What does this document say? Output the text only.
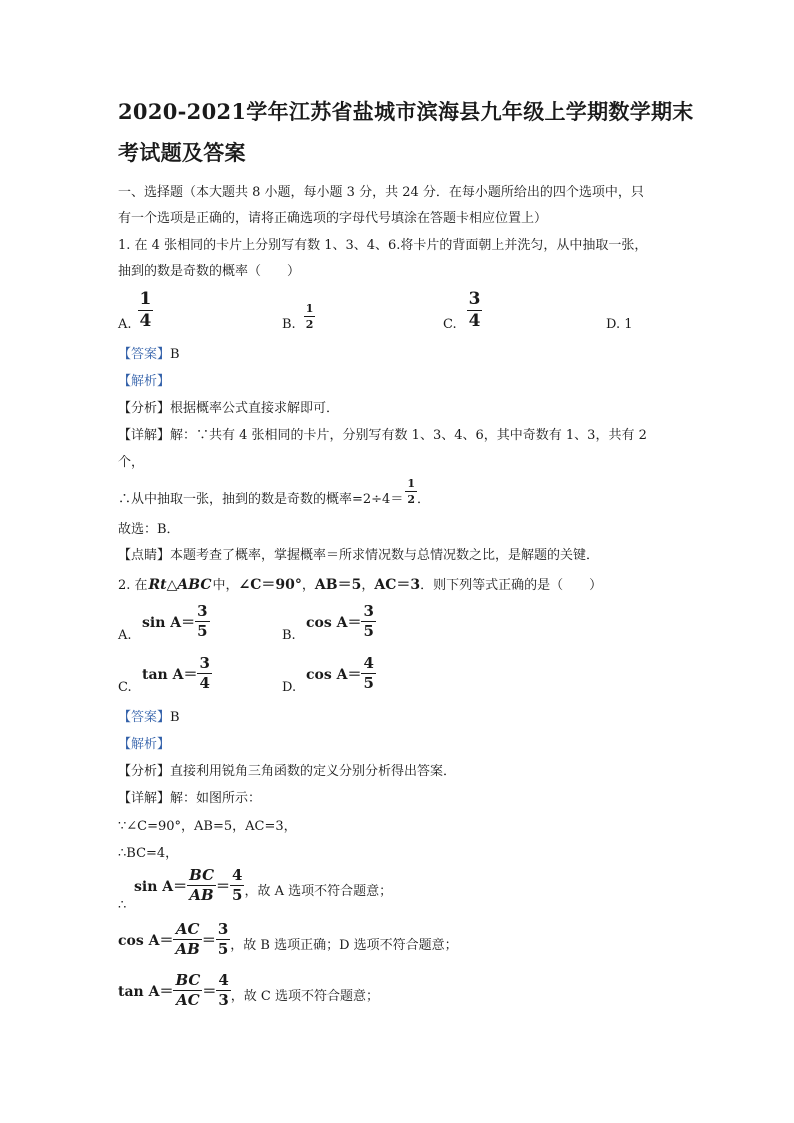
2020-2021学年江苏省盐城市滨海县九年级上学期数学期末
考试题及答案
一、选择题（本大题共 8 小题，每小题 3 分，共 24 分．在每小题所给出的四个选项中，只
有一个选项是正确的，请将正确选项的字母代号填涂在答题卡相应位置上）
1. 在 4 张相同的卡片上分别写有数 1、3、4、6.将卡片的背面朝上并洗匀，从中抽取一张，
抽到的数是奇数的概率（　　）
A. $\frac{1}{4}$	B. $\frac{1}{2}$	C. $\frac{3}{4}$	D. 1
【答案】B
【解析】
【分析】根据概率公式直接求解即可．
【详解】解：∵共有 4 张相同的卡片，分别写有数 1、3、4、6，其中奇数有 1、3，共有 2
个，
∴从中抽取一张，抽到的数是奇数的概率$=2\div 4= \frac{1}{2}$ ．
故选：B．
【点睛】本题考查了概率，掌握概率＝所求情况数与总情况数之比，是解题的关键．
2. 在 Rt△ABC 中， ∠C＝90° ， AB＝5 ， AC＝3 ．则下列等式正确的是（　　）
A.
$\sin A= \frac{3}{5}$	B.
$\cos A= \frac{3}{5}$
C.
$\tan A= \frac{3}{4}$	D.
$\cos A= \frac{4}{5}$
【答案】B
【解析】
【分析】直接利用锐角三角函数的定义分别分析得出答案．
【详解】解：如图所示：
∵∠C=90°，AB=5，AC=3，
∴BC=4，
∴
$\sin A= \frac{BC}{AB} = \frac{4}{5}$ ，故 A 选项不符合题意；
$\cos A= \frac{AC}{AB} = \frac{3}{5}$ ，故 B 选项正确；D 选项不符合题意；
$\tan A= \frac{BC}{AC} = \frac{4}{3}$ ，故 C 选项不符合题意；
